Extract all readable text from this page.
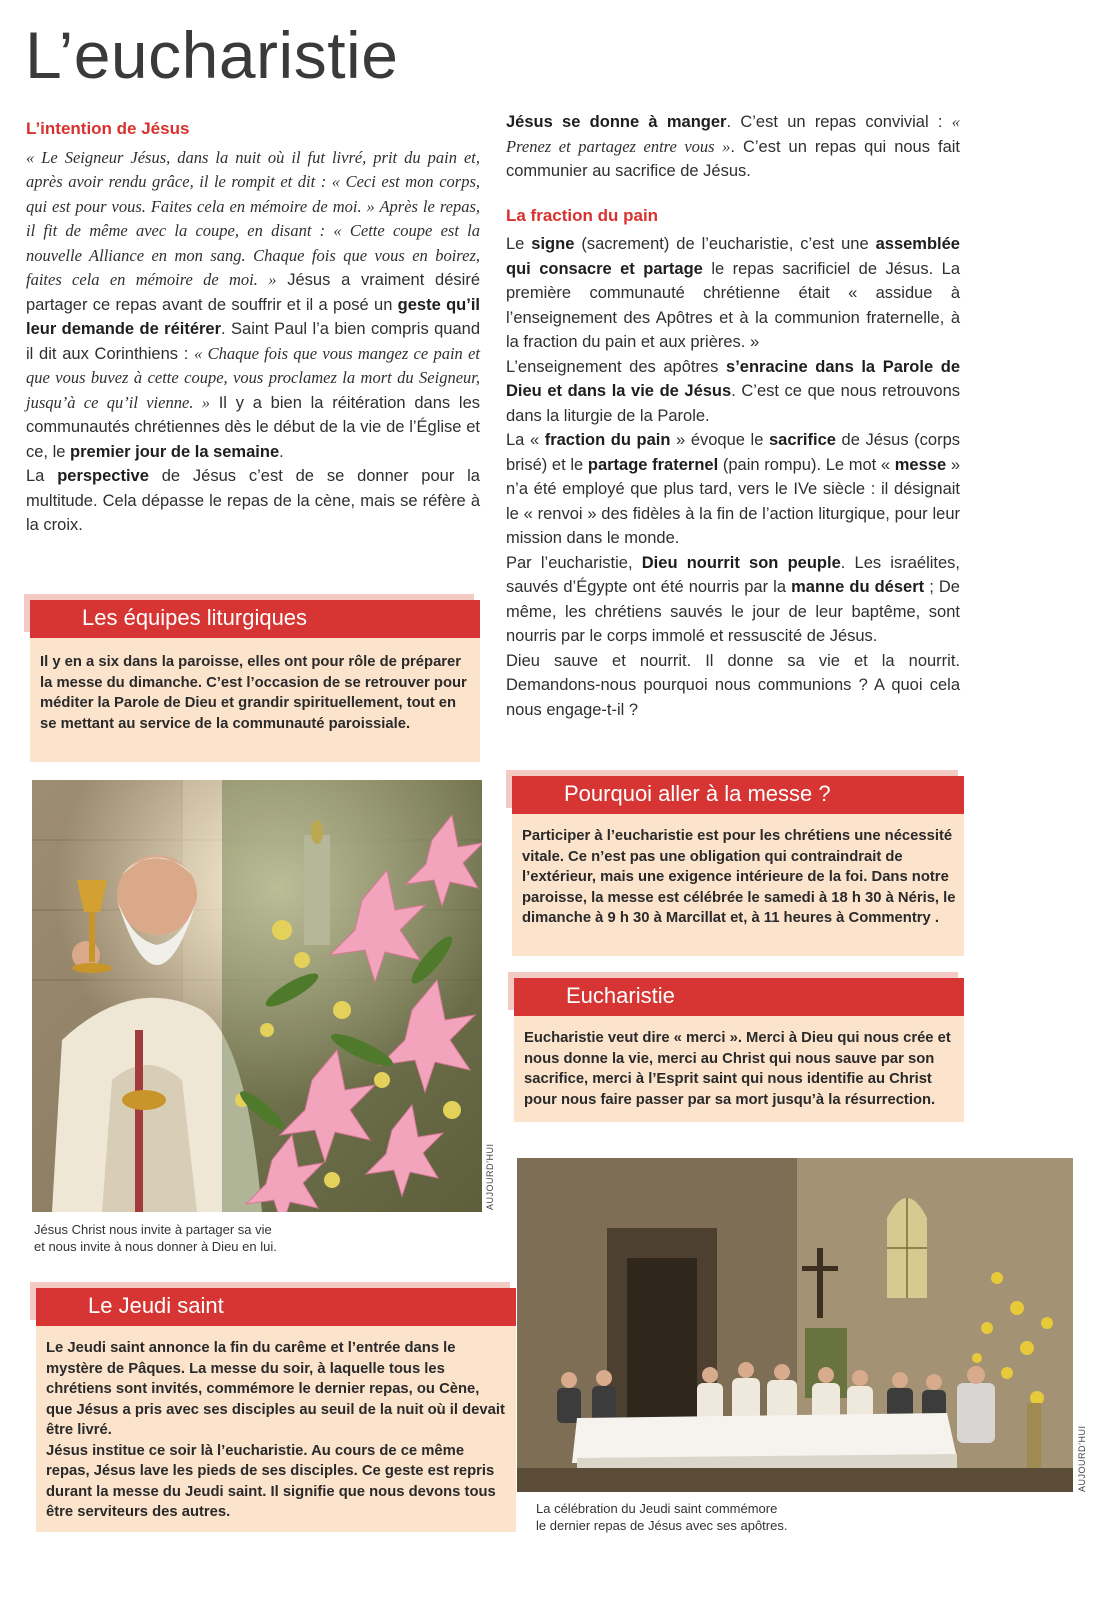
L’eucharistie
L’intention de Jésus

« Le Seigneur Jésus, dans la nuit où il fut livré, prit du pain et, après avoir rendu grâce, il le rompit et dit : « Ceci est mon corps, qui est pour vous. Faites cela en mémoire de moi. » Après le repas, il fit de même avec la coupe, en disant : « Cette coupe est la nouvelle Alliance en mon sang. Chaque fois que vous en boirez, faites cela en mémoire de moi. » Jésus a vraiment désiré partager ce repas avant de souffrir et il a posé un geste qu’il leur demande de réitérer. Saint Paul l’a bien compris quand il dit aux Corinthiens : « Chaque fois que vous mangez ce pain et que vous buvez à cette coupe, vous proclamez la mort du Seigneur, jusqu’à ce qu’il vienne. » Il y a bien la réitération dans les communautés chrétiennes dès le début de la vie de l’Église et ce, le premier jour de la semaine.

La perspective de Jésus c’est de se donner pour la multitude. Cela dépasse le repas de la cène, mais se réfère à la croix.

Jésus se donne à manger. C’est un repas convivial : « Prenez et partagez entre vous ». C’est un repas qui nous fait communier au sacrifice de Jésus.

La fraction du pain

Le signe (sacrement) de l’eucharistie, c’est une assemblée qui consacre et partage le repas sacrificiel de Jésus. La première communauté chrétienne était « assidue à l’enseignement des Apôtres et à la communion fraternelle, à la fraction du pain et aux prières. »

L’enseignement des apôtres s’enracine dans la Parole de Dieu et dans la vie de Jésus. C’est ce que nous retrouvons dans la liturgie de la Parole.

La « fraction du pain » évoque le sacrifice de Jésus (corps brisé) et le partage fraternel (pain rompu). Le mot « messe » n’a été employé que plus tard, vers le IVe siècle : il désignait le « renvoi » des fidèles à la fin de l’action liturgique, pour leur mission dans le monde.

Par l’eucharistie, Dieu nourrit son peuple. Les israélites, sauvés d’Égypte ont été nourris par la manne du désert ; De même, les chrétiens sauvés le jour de leur baptême, sont nourris par le corps immolé et ressuscité de Jésus.

Dieu sauve et nourrit. Il donne sa vie et la nourrit. Demandons-nous pourquoi nous communions ? A quoi cela nous engage-t-il ?

Les équipes liturgiques
Il y en a six dans la paroisse, elles ont pour rôle de préparer la messe du dimanche. C’est l’occasion de se retrouver pour méditer la Parole de Dieu et grandir spirituellement, tout en se mettant au service de la communauté paroissiale.
AUJOURD’HUI
Jésus Christ nous invite à partager sa vie
et nous invite à nous donner à Dieu en lui.
Le Jeudi saint
Le Jeudi saint annonce la fin du carême et l’entrée dans le mystère de Pâques. La messe du soir, à laquelle tous les chrétiens sont invités, commémore le dernier repas, ou Cène, que Jésus a pris avec ses disciples au seuil de la nuit où il devait être livré.
Jésus institue ce soir là l’eucharistie. Au cours de ce même repas, Jésus lave les pieds de ses disciples. Ce geste est repris durant la messe du Jeudi saint. Il signifie que nous devons tous être serviteurs des autres.
Pourquoi aller à la messe ?
Participer à l’eucharistie est pour les chrétiens une nécessité vitale. Ce n’est pas une obligation qui contraindrait de l’extérieur, mais une exigence intérieure de la foi. Dans notre paroisse, la messe est célébrée le samedi à 18 h 30 à Néris, le dimanche à 9 h 30 à Marcillat et, à 11 heures à Commentry .
Eucharistie
Eucharistie veut dire « merci ». Merci à Dieu qui nous crée et nous donne la vie, merci au Christ qui nous sauve par son sacrifice, merci à l’Esprit saint qui nous identifie au Christ pour nous faire passer par sa mort jusqu’à la résurrection.
AUJOURD’HUI
La célébration du Jeudi saint commémore
le dernier repas de Jésus avec ses apôtres.
